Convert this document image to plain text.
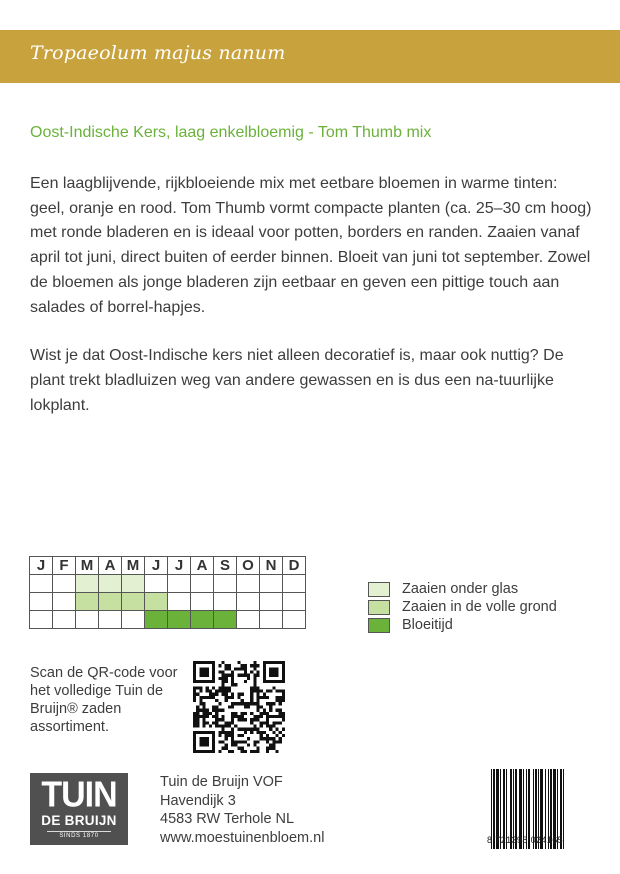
Tropaeolum majus nanum
Oost-Indische Kers, laag enkelbloemig - Tom Thumb mix

Een laagblijvende, rijkbloeiende mix met eetbare bloemen in warme tinten: geel, oranje en rood. Tom Thumb vormt compacte planten (ca. 25–30 cm hoog) met ronde bladeren en is ideaal voor potten, borders en randen. Zaaien vanaf april tot juni, direct buiten of eerder binnen. Bloeit van juni tot september. Zowel de bloemen als jonge bladeren zijn eetbaar en geven een pittige touch aan salades of borrel-hapjes.

Wist je dat Oost-Indische kers niet alleen decoratief is, maar ook nuttig? De plant trekt bladluizen weg van andere gewassen en is dus een na-tuurlijke lokplant.

J	F	M	A	M	J	J	A	S	O	N	D

Zaaien onder glas
Zaaien in de volle grond
Bloeitijd
Scan de QR-code voor het volledige Tuin de Bruijn® zaden assortiment.
TUIN
DE BRUIJN
SINDS 1870
Tuin de Bruijn VOF
Havendijk 3
4583 RW Terhole NL
www.moestuinenbloem.nl	8 721398 024165
